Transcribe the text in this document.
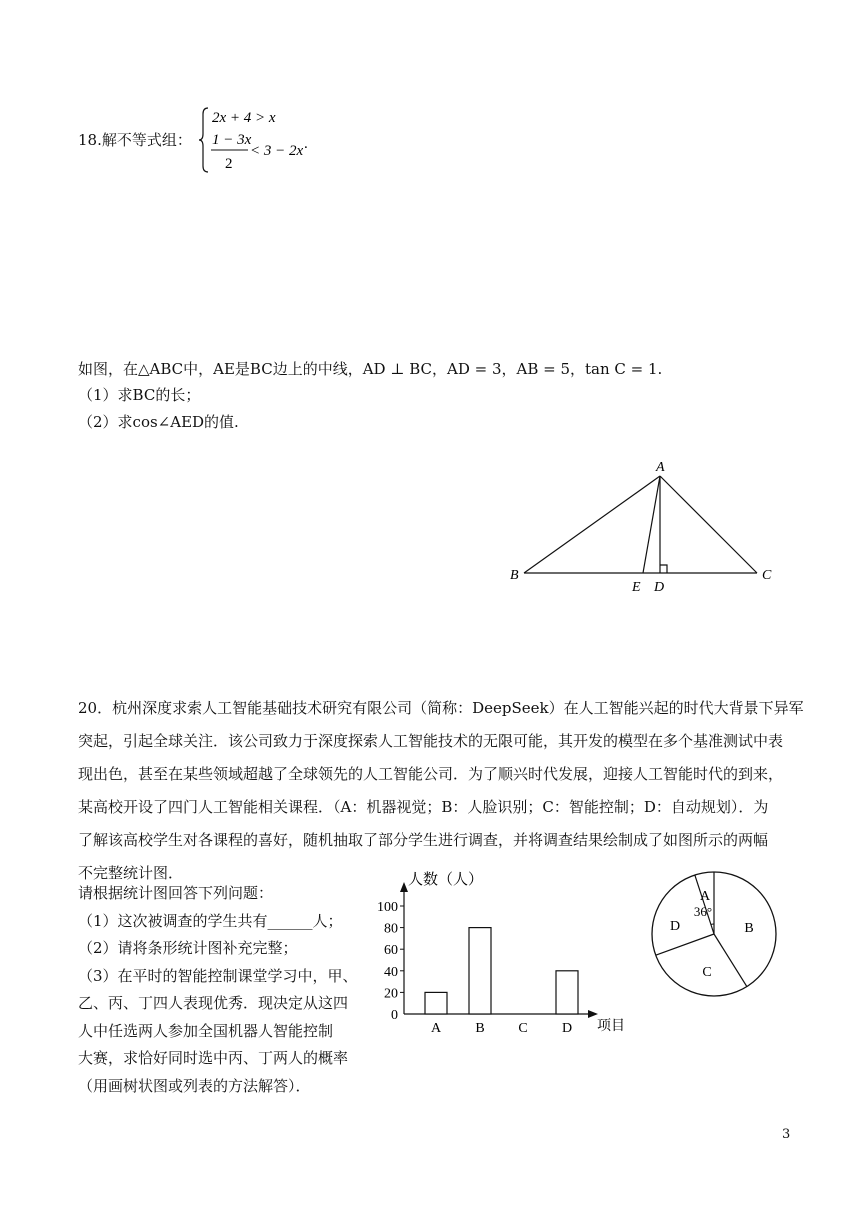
18.解不等式组：
2x + 4 > x
1 − 3x
2
< 3 − 2x .
如图，在△ABC中，AE是BC边上的中线，AD ⊥ BC，AD = 3，AB = 5，tan C = 1.
（1）求BC的长；
（2）求cos∠AED的值.
A
B	C
E D
20．杭州深度求索人工智能基础技术研究有限公司（简称：DeepSeek）在人工智能兴起的时代大背景下异军
突起，引起全球关注．该公司致力于深度探索人工智能技术的无限可能，其开发的模型在多个基准测试中表
现出色，甚至在某些领域超越了全球领先的人工智能公司．为了顺兴时代发展，迎接人工智能时代的到来，
某高校开设了四门人工智能相关课程．（A：机器视觉；B：人脸识别；C：智能控制；D：自动规划）．为
了解该高校学生对各课程的喜好，随机抽取了部分学生进行调查，并将调查结果绘制成了如图所示的两幅
不完整统计图．
请根据统计图回答下列问题：
（1）这次被调查的学生共有______人；
（2）请将条形统计图补充完整；
（3）在平时的智能控制课堂学习中，甲、
乙、丙、丁四人表现优秀．现决定从这四
人中任选两人参加全国机器人智能控制
大赛，求恰好同时选中丙、丁两人的概率
（用画树状图或列表的方法解答）．
人数（人）
项目
0
20
40
60
80
100
A B C D
A
B
C
D
36°
3
